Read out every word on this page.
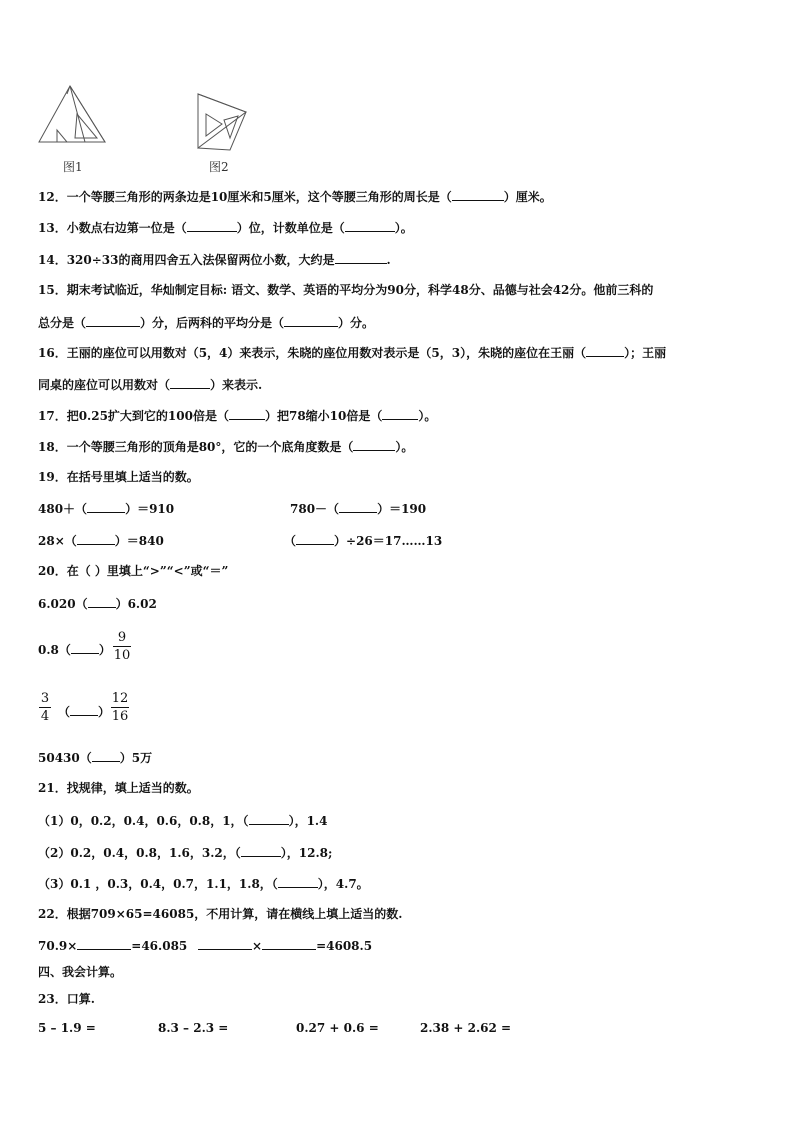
图1	图2
12．一个等腰三角形的两条边是10厘米和5厘米，这个等腰三角形的周长是（	）厘米。
13．小数点右边第一位是（	）位，计数单位是（	）。
14．320÷33的商用四舍五入法保留两位小数，大约是	.
15．期末考试临近，华灿制定目标: 语文、数学、英语的平均分为90分，科学48分、品德与社会42分。他前三科的
总分是（	）分，后两科的平均分是（	）分。
16．王丽的座位可以用数对（5，4）来表示，朱晓的座位用数对表示是（5，3），朱晓的座位在王丽（	）；王丽
同桌的座位可以用数对（	）来表示.
17．把0.25扩大到它的100倍是（	）把78缩小10倍是（	）。
18．一个等腰三角形的顶角是80°，它的一个底角度数是（	）。
19．在括号里填上适当的数。
480＋（	）＝910	780－（	）＝190
28×（	）＝840	（	）÷26＝17……13
20．在（ ）里填上“>”“<”或“＝”
6.020（ ）6.02
0.8（ ）
9
10
3
4 （ ）
12
16
50430（ ）5万
21．找规律，填上适当的数。
（1）0，0.2，0.4，0.6，0.8，1，（	），1.4
（2）0.2，0.4，0.8，1.6，3.2，（	），12.8;
（3）0.1 ，0.3，0.4，0.7，1.1，1.8，（	），4.7。
22．根据709×65=46085，不用计算，请在横线上填上适当的数.
70.9×	=46.085	×	=4608.5
四、我会计算。
23．口算.
5 – 1.9 =	8.3 – 2.3 =	0.27 + 0.6 =	2.38 + 2.62 =
